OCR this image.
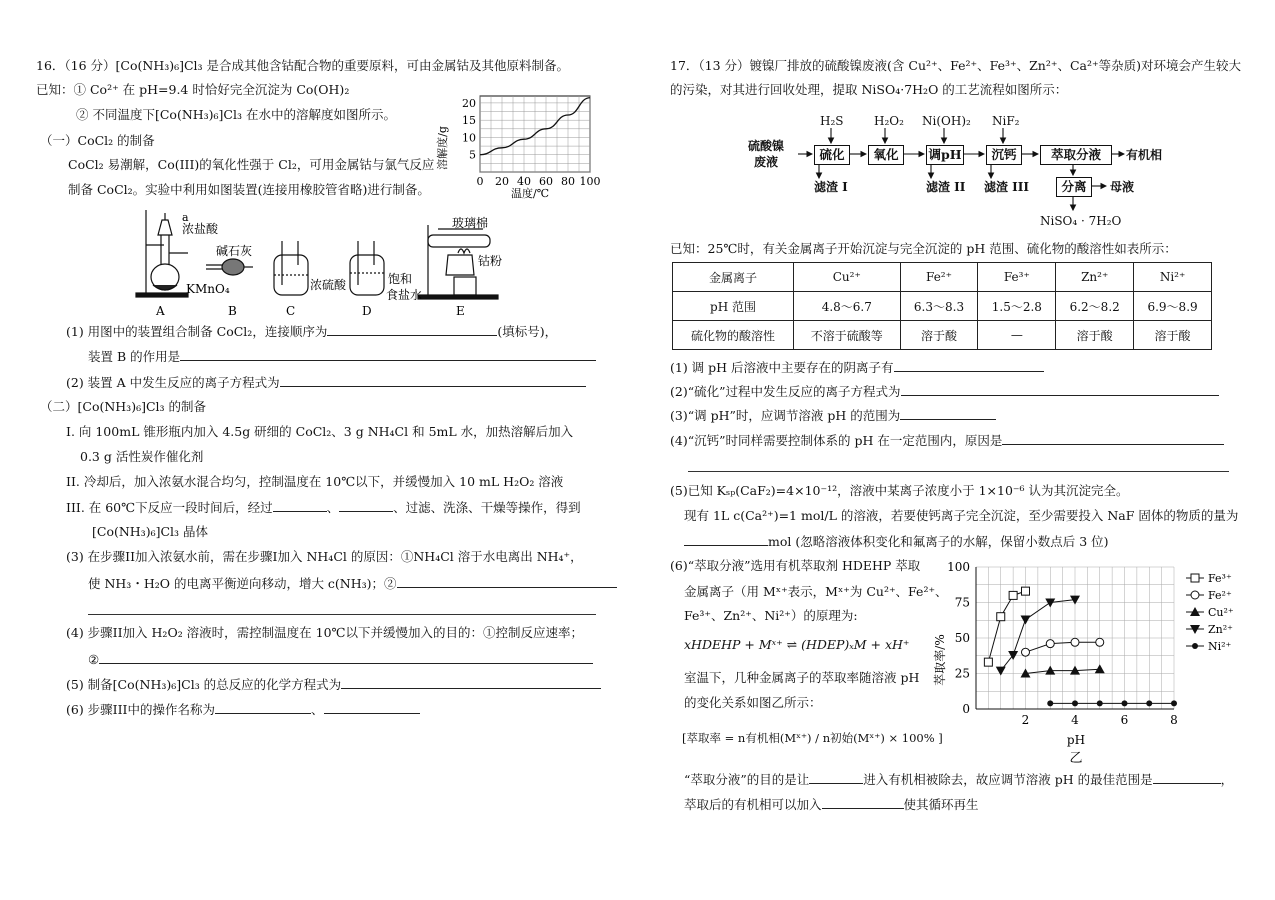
16．（16 分）[Co(NH₃)₆]Cl₃ 是合成其他含钴配合物的重要原料，可由金属钴及其他原料制备。
已知：① Co²⁺ 在 pH=9.4 时恰好完全沉淀为 Co(OH)₂
② 不同温度下[Co(NH₃)₆]Cl₃ 在水中的溶解度如图所示。
（一）CoCl₂ 的制备
CoCl₂ 易潮解，Co(III)的氧化性强于 Cl₂，可用金属钴与氯气反应
制备 CoCl₂。实验中利用如图装置(连接用橡胶管省略)进行制备。
溶解度/g
20
15
10
5
0 20 40 60 80 100
温度/℃
a
浓盐酸
KMnO₄
碱石灰
浓硫酸	饱和
食盐水
玻璃棉
钴粉
A	B	C	D	E
(1) 用图中的装置组合制备 CoCl₂，连接顺序为	(填标号)，
装置 B 的作用是
(2) 装置 A 中发生反应的离子方程式为
（二）[Co(NH₃)₆]Cl₃ 的制备
I. 向 100mL 锥形瓶内加入 4.5g 研细的 CoCl₂、3 g NH₄Cl 和 5mL 水，加热溶解后加入
0.3 g 活性炭作催化剂
II. 冷却后，加入浓氨水混合均匀，控制温度在 10℃以下，并缓慢加入 10 mL H₂O₂ 溶液
III. 在 60℃下反应一段时间后，经过	、	、过滤、洗涤、干燥等操作，得到
[Co(NH₃)₆]Cl₃ 晶体
(3) 在步骤II加入浓氨水前，需在步骤I加入 NH₄Cl 的原因：①NH₄Cl 溶于水电离出 NH₄⁺，
使 NH₃・H₂O 的电离平衡逆向移动，增大 c(NH₃)；②
(4) 步骤II加入 H₂O₂ 溶液时，需控制温度在 10℃以下并缓慢加入的目的：①控制反应速率；
②
(5) 制备[Co(NH₃)₆]Cl₃ 的总反应的化学方程式为
(6) 步骤III中的操作名称为	、
17．（13 分）镀镍厂排放的硫酸镍废液(含 Cu²⁺、Fe²⁺、Fe³⁺、Zn²⁺、Ca²⁺等杂质)对环境会产生较大
的污染，对其进行回收处理，提取 NiSO₄·7H₂O 的工艺流程如图所示：
硫酸镍
废液
H₂S	H₂O₂ Ni(OH)₂ NiF₂
硫化	氧化	调pH	沉钙	萃取分液	有机相
分离	母液
滤渣 I	滤渣 II 滤渣 III
NiSO₄ · 7H₂O
已知：25℃时，有关金属离子开始沉淀与完全沉淀的 pH 范围、硫化物的酸溶性如表所示：
金属离子	Cu²⁺	Fe²⁺	Fe³⁺	Zn²⁺	Ni²⁺
pH 范围	4.8～6.7	6.3～8.3	1.5～2.8	6.2～8.2	6.9～8.9
硫化物的酸溶性	不溶于硫酸等	溶于酸	—	溶于酸	溶于酸
(1) 调 pH 后溶液中主要存在的阴离子有
(2)“硫化”过程中发生反应的离子方程式为
(3)“调 pH”时，应调节溶液 pH 的范围为
(4)“沉钙”时同样需要控制体系的 pH 在一定范围内，原因是
(5)已知 Kₛₚ(CaF₂)=4×10⁻¹²，溶液中某离子浓度小于 1×10⁻⁶ 认为其沉淀完全。
现有 1L c(Ca²⁺)=1 mol/L 的溶液，若要使钙离子完全沉淀，至少需要投入 NaF 固体的物质的量为
mol (忽略溶液体积变化和氟离子的水解，保留小数点后 3 位)
(6)“萃取分液”选用有机萃取剂 HDEHP 萃取
金属离子（用 Mˣ⁺表示，Mˣ⁺为 Cu²⁺、Fe²⁺、
Fe³⁺、Zn²⁺、Ni²⁺）的原理为:
xHDEHP + Mˣ⁺ ⇌ (HDEP)ₓM + xH⁺
室温下，几种金属离子的萃取率随溶液 pH
的变化关系如图乙所示：
[萃取率 = n有机相(Mˣ⁺) / n初始(Mˣ⁺) × 100% ]
“萃取分液”的目的是让	进入有机相被除去，故应调节溶液 pH 的最佳范围是	，
萃取后的有机相可以加入	使其循环再生
0
25
50
75
100
2	4	6	8
Fe³⁺
Fe²⁺
Cu²⁺
Zn²⁺
Ni²⁺
萃取率/%
pH
乙
